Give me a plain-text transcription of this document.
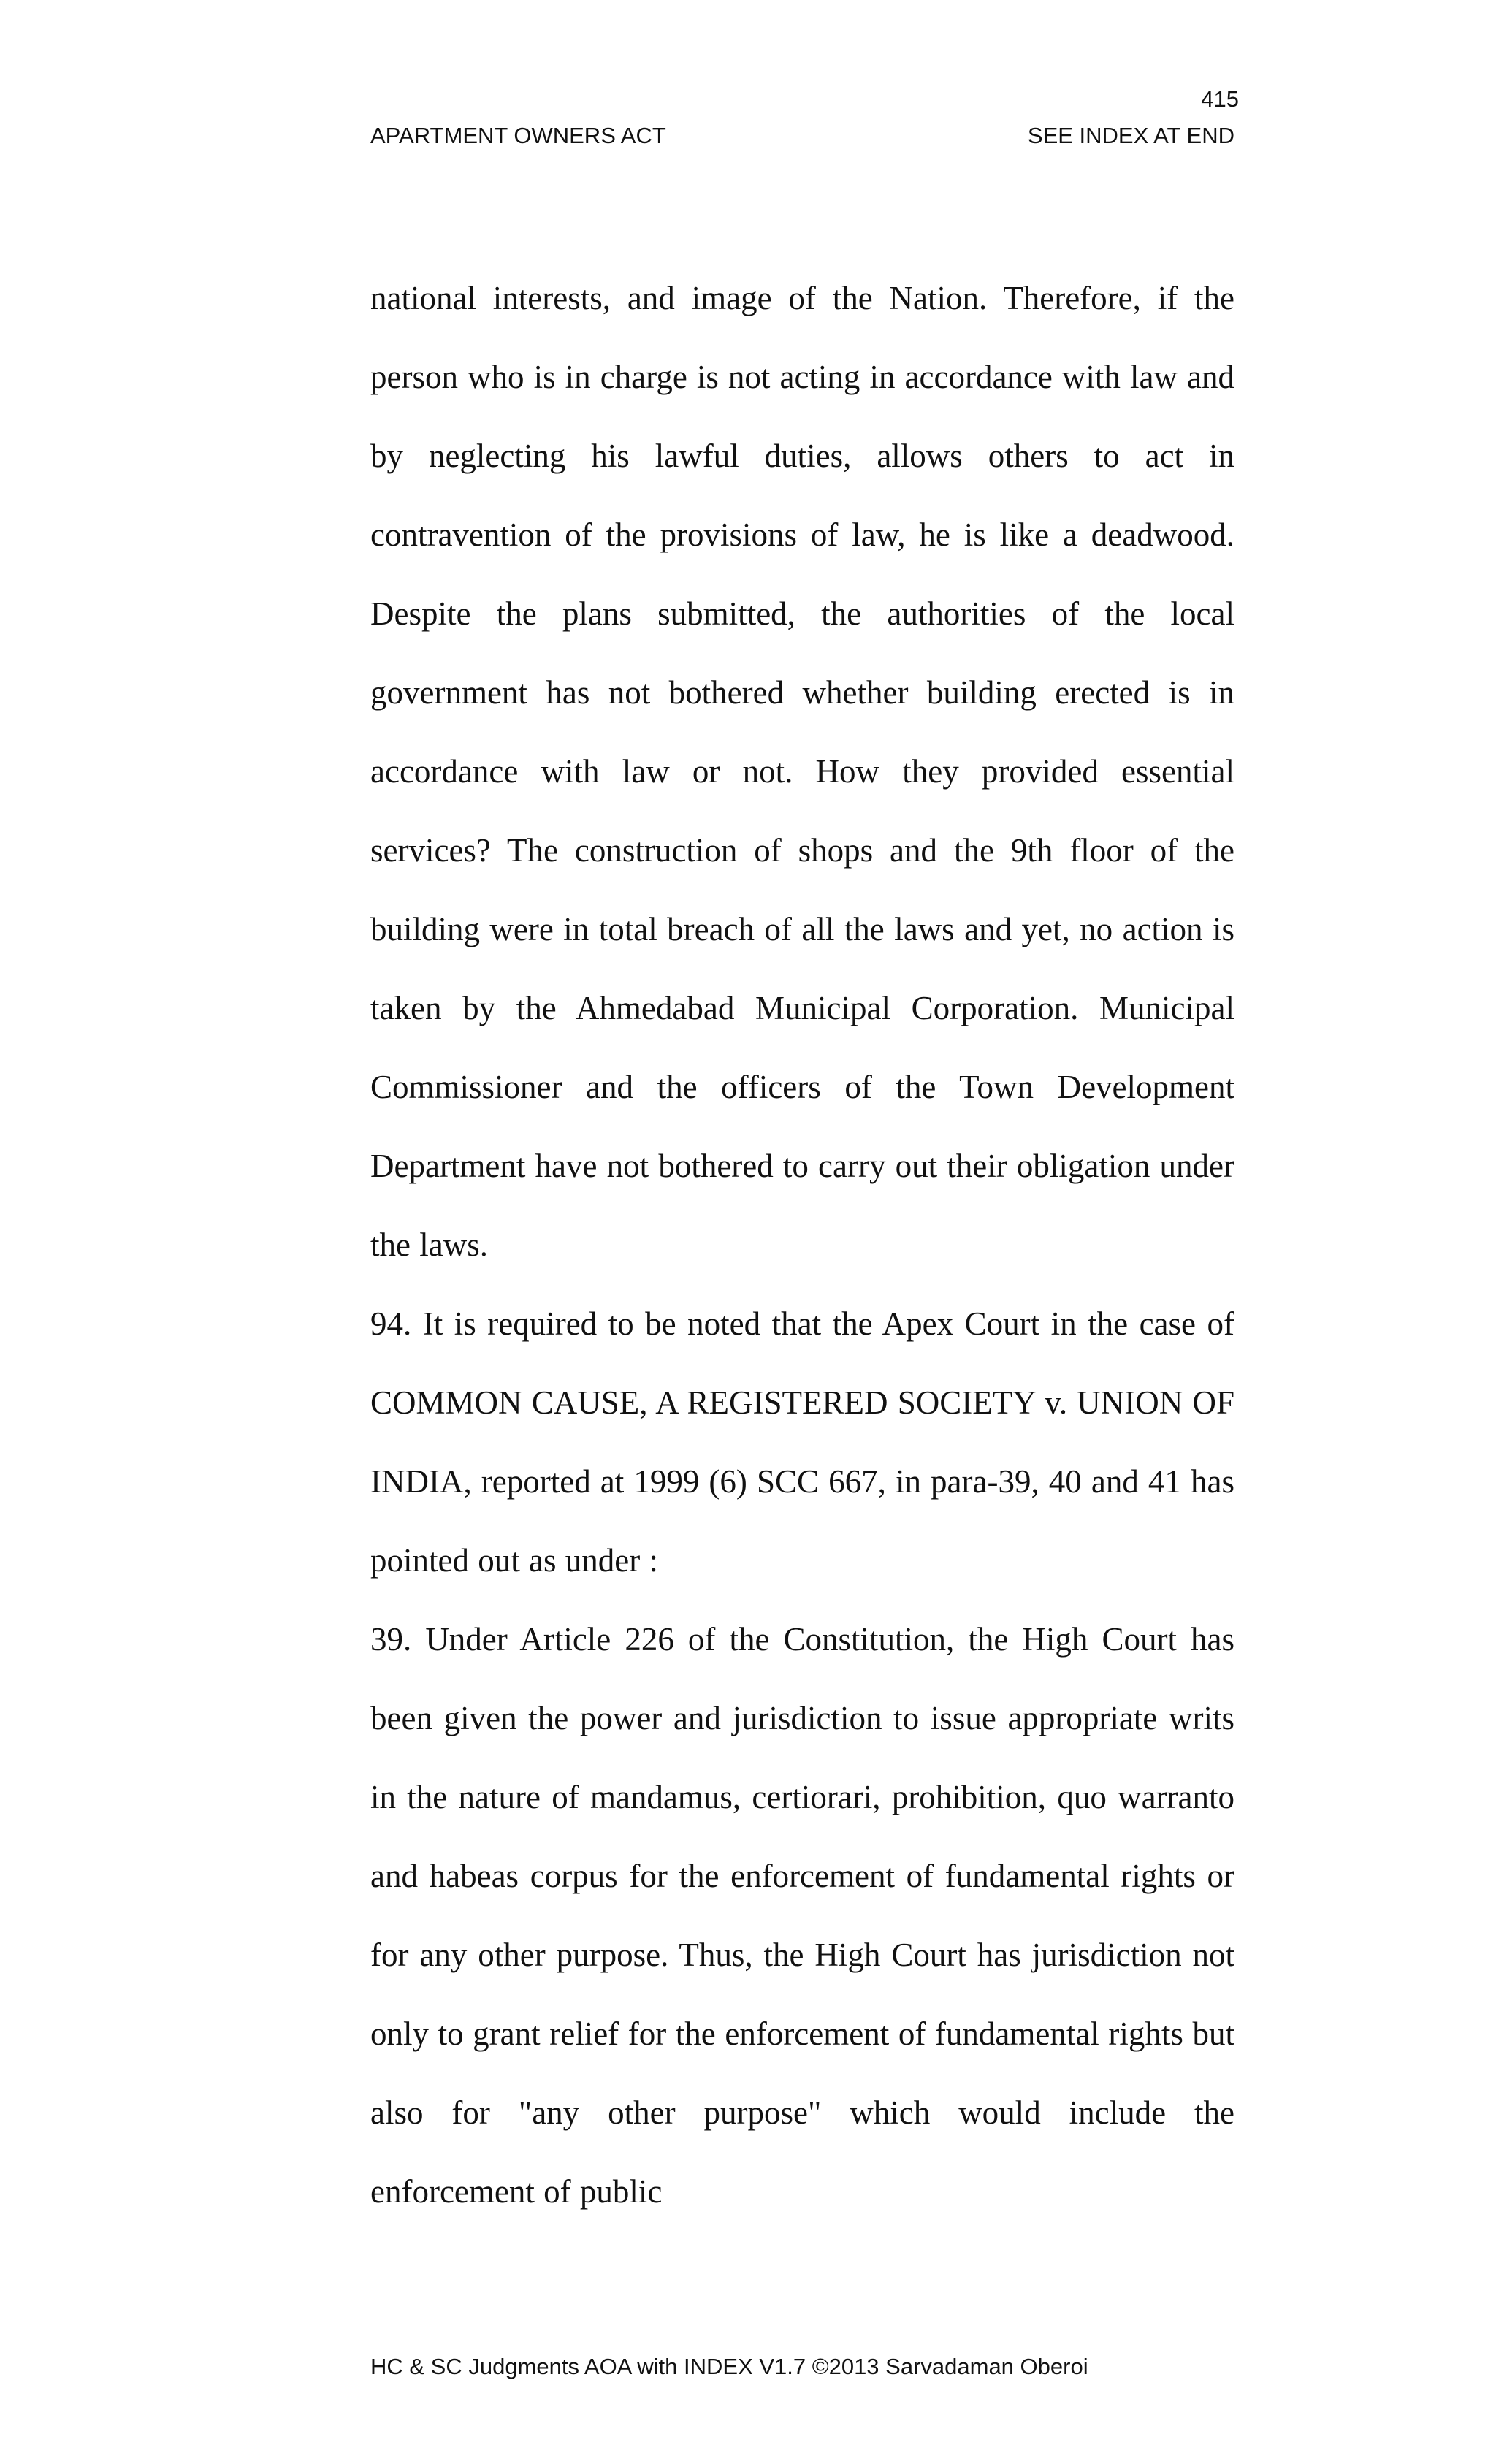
415
APARTMENT OWNERS ACT	SEE INDEX AT END

national interests, and image of the Nation. Therefore, if the person who is in charge is not acting in accordance with law and by neglecting his lawful duties, allows others to act in contravention of the provisions of law, he is like a deadwood. Despite the plans submitted, the authorities of the local government has not bothered whether building erected is in accordance with law or not. How they provided essential services? The construction of shops and the 9th floor of the building were in total breach of all the laws and yet, no action is taken by the Ahmedabad Municipal Corporation. Municipal Commissioner and the officers of the Town Development Department have not bothered to carry out their obligation under the laws.

94. It is required to be noted that the Apex Court in the case of COMMON CAUSE, A REGISTERED SOCIETY v. UNION OF INDIA, reported at 1999 (6) SCC 667, in para-39, 40 and 41 has pointed out as under :

39. Under Article 226 of the Constitution, the High Court has been given the power and jurisdiction to issue appropriate writs in the nature of mandamus, certiorari, prohibition, quo warranto and habeas corpus for the enforcement of fundamental rights or for any other purpose. Thus, the High Court has jurisdiction not only to grant relief for the enforcement of fundamental rights but also for "any other purpose" which would include the enforcement of public

HC & SC Judgments AOA with INDEX V1.7 ©2013 Sarvadaman Oberoi
